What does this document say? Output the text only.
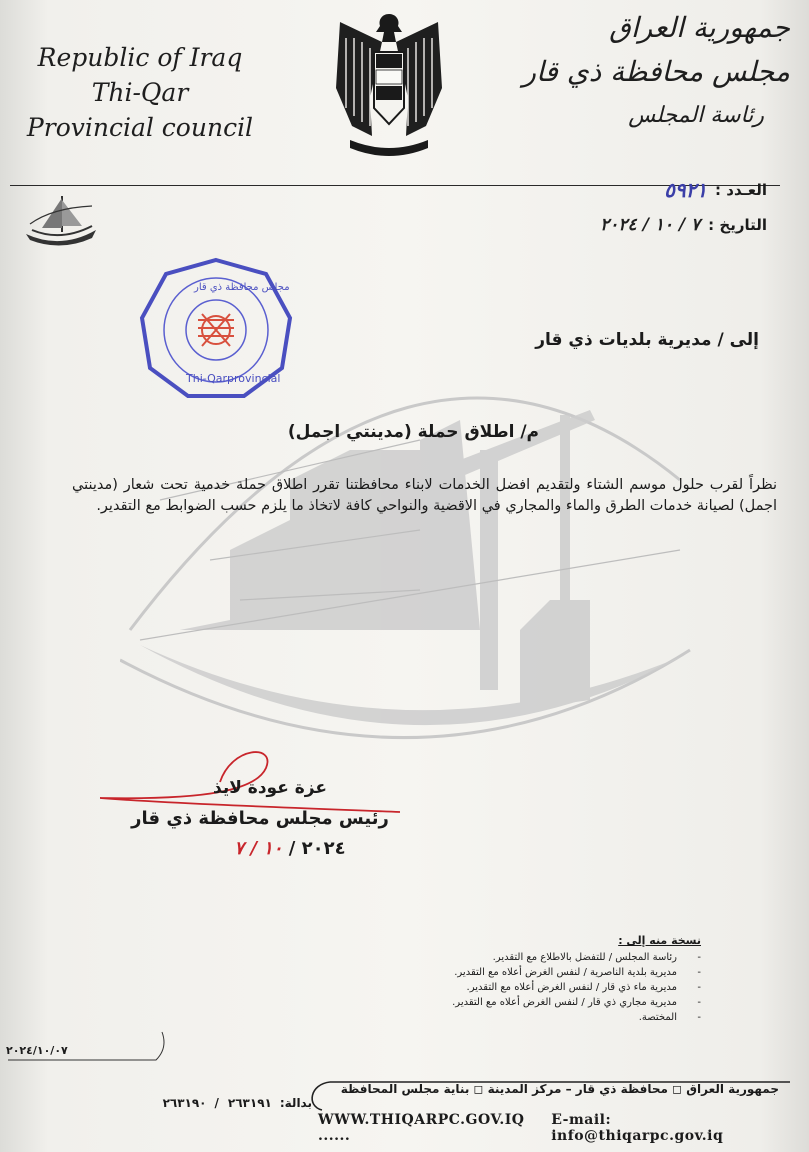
Republic of Iraq
Thi-Qar
Provincial council
جمهورية العراق
مجلس محافظة ذي قار
رئاسة المجلس
العـدد :
٥٩٢١
التاريخ :
٧ / ١٠ / ٢٠٢٤
Thi-Qarprovincial
مجلس محافظة ذي قار
إلى / مديرية بلديات ذي قار
م/ اطلاق حملة (مدينتي اجمل)
نظراً لقرب حلول موسم الشتاء ولتقديم افضل الخدمات لابناء محافظتنا تقرر اطلاق حملة خدمية تحت شعار (مدينتي اجمل) لصيانة خدمات الطرق والماء والمجاري في الاقضية والنواحي كافة لاتخاذ ما يلزم حسب الضوابط مع التقدير.
عزة عودة لايذ
رئيس مجلس محافظة ذي قار
٢٠٢٤ / ١٠ / ٧
نسخة منه إلى :
- رئاسة المجلس / للتفضل بالاطلاع مع التقدير.
- مديرية بلدية الناصرية / لنفس الغرض أعلاه مع التقدير.
- مديرية ماء ذي قار / لنفس الغرض أعلاه مع التقدير.
- مديرية مجاري ذي قار / لنفس الغرض أعلاه مع التقدير.
- المختصة.
٢٠٢٤/١٠/٠٧
جمهورية العراق ◻ محافظة ذي قار – مركز المدينة ◻ بناية مجلس المحافظة
بدالة:
٢٦٣١٩١
/
٢٦٣١٩٠
WWW.THIQARPC.GOV.IQ ......
E-mail: info@thiqarpc.gov.iq
